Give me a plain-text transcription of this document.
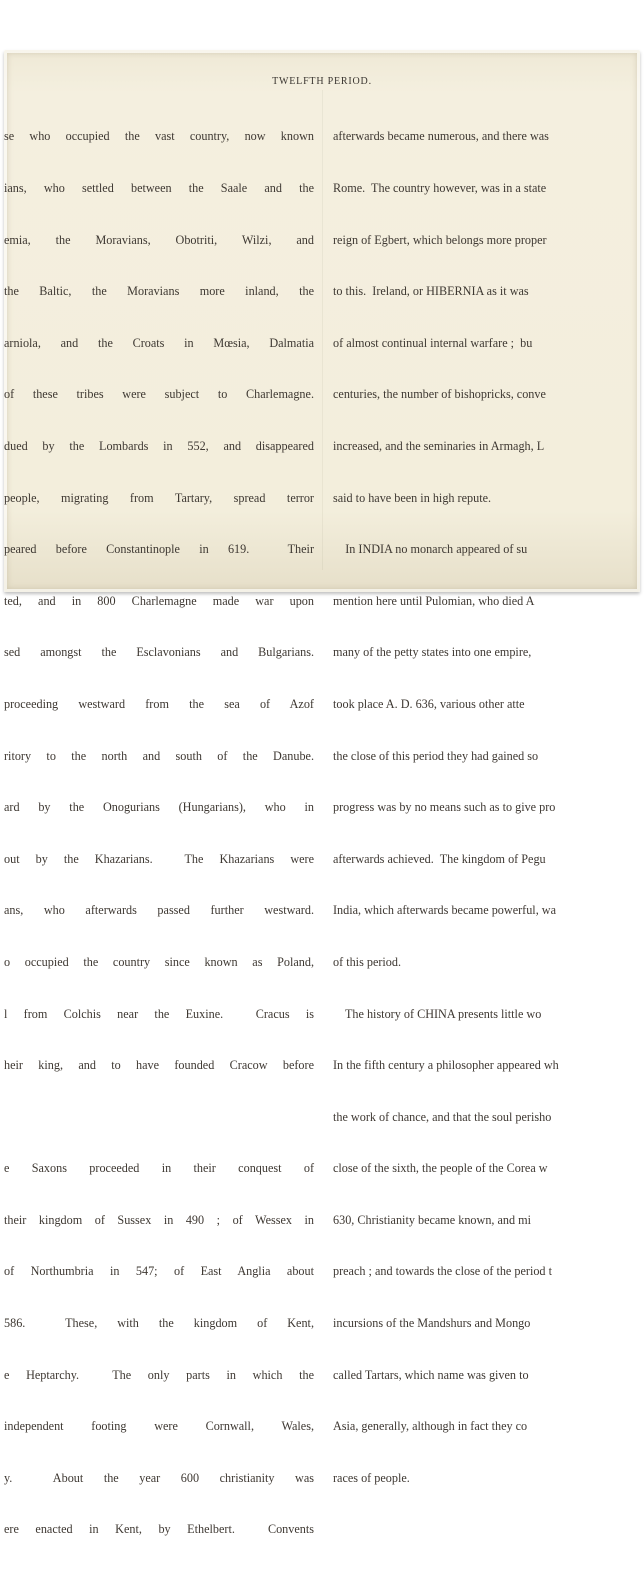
TWELFTH PERIOD.

se who occupied the vast country, now known

ians, who settled between the Saale and the

emia, the Moravians, Obotriti, Wilzi, and

the Baltic, the Moravians more inland, the

arniola, and the Croats in Mœsia, Dalmatia

of these tribes were subject to Charlemagne.

dued by the Lombards in 552, and disappeared

people, migrating from Tartary, spread terror

peared before Constantinople in 619.  Their

ted, and in 800 Charlemagne made war upon

sed amongst the Esclavonians and Bulgarians.

proceeding westward from the sea of Azof

ritory to the north and south of the Danube.

ard by the Onogurians (Hungarians), who in

out by the Khazarians.  The Khazarians were

ans, who afterwards passed further westward.

o occupied the country since known as Poland,

l from Colchis near the Euxine.  Cracus is

heir king, and to have founded Cracow before

e Saxons proceeded in their conquest of

their kingdom of Sussex in 490 ; of Wessex in

of Northumbria in 547; of East Anglia about

586.  These, with the kingdom of Kent,

e Heptarchy.  The only parts in which the

independent footing were Cornwall, Wales,

y.  About the year 600 christianity was

ere enacted in Kent, by Ethelbert.  Convents

afterwards became numerous, and there was

Rome.  The country however, was in a state

reign of Egbert, which belongs more proper

to this.  Ireland, or HIBERNIA as it was

of almost continual internal warfare ;  bu

centuries, the number of bishopricks, conve

increased, and the seminaries in Armagh, L

said to have been in high repute.

In INDIA no monarch appeared of su

mention here until Pulomian, who died A

many of the petty states into one empire,

took place A. D. 636, various other atte

the close of this period they had gained so

progress was by no means such as to give pro

afterwards achieved.  The kingdom of Pegu

India, which afterwards became powerful, wa

of this period.

The history of CHINA presents little wo

In the fifth century a philosopher appeared wh

the work of chance, and that the soul perisho

close of the sixth, the people of the Corea w

630, Christianity became known, and mi

preach ; and towards the close of the period t

incursions of the Mandshurs and Mongo

called Tartars, which name was given to

Asia, generally, although in fact they co

races of people.
